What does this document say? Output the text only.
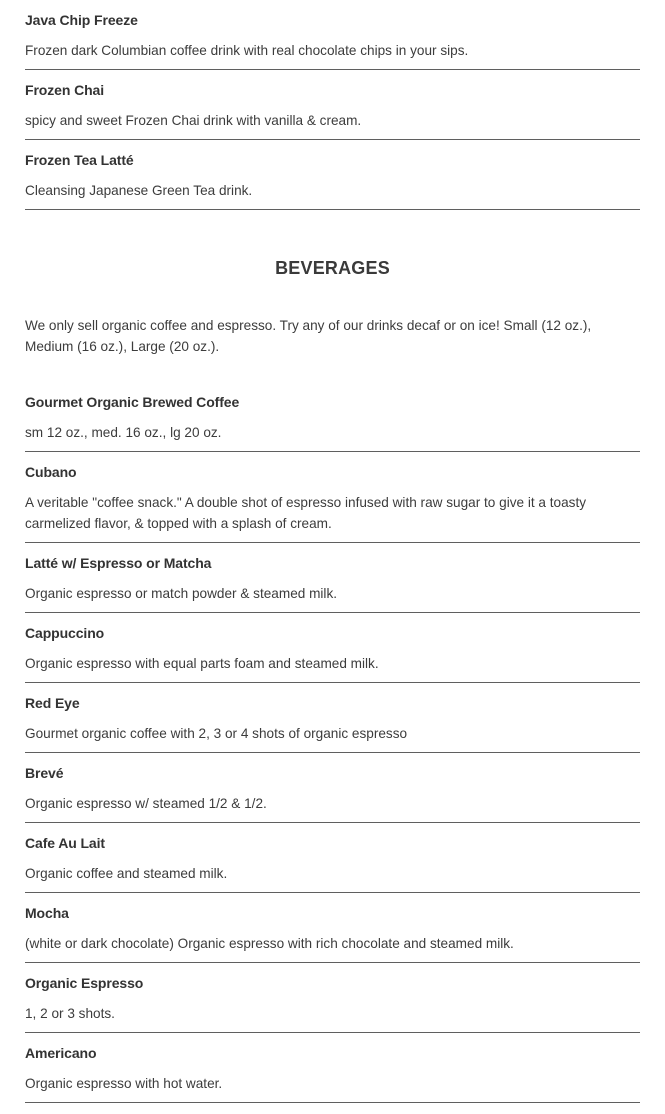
Java Chip Freeze
Frozen dark Columbian coffee drink with real chocolate chips in your sips.
Frozen Chai
spicy and sweet Frozen Chai drink with vanilla & cream.
Frozen Tea Latté
Cleansing Japanese Green Tea drink.
BEVERAGES
We only sell organic coffee and espresso. Try any of our drinks decaf or on ice! Small (12 oz.), Medium (16 oz.), Large (20 oz.).
Gourmet Organic Brewed Coffee
sm 12 oz., med. 16 oz., lg 20 oz.
Cubano
A veritable "coffee snack." A double shot of espresso infused with raw sugar to give it a toasty carmelized flavor, & topped with a splash of cream.
Latté w/ Espresso or Matcha
Organic espresso or match powder & steamed milk.
Cappuccino
Organic espresso with equal parts foam and steamed milk.
Red Eye
Gourmet organic coffee with 2, 3 or 4 shots of organic espresso
Brevé
Organic espresso w/ steamed 1/2 & 1/2.
Cafe Au Lait
Organic coffee and steamed milk.
Mocha
(white or dark chocolate) Organic espresso with rich chocolate and steamed milk.
Organic Espresso
1, 2 or 3 shots.
Americano
Organic espresso with hot water.
